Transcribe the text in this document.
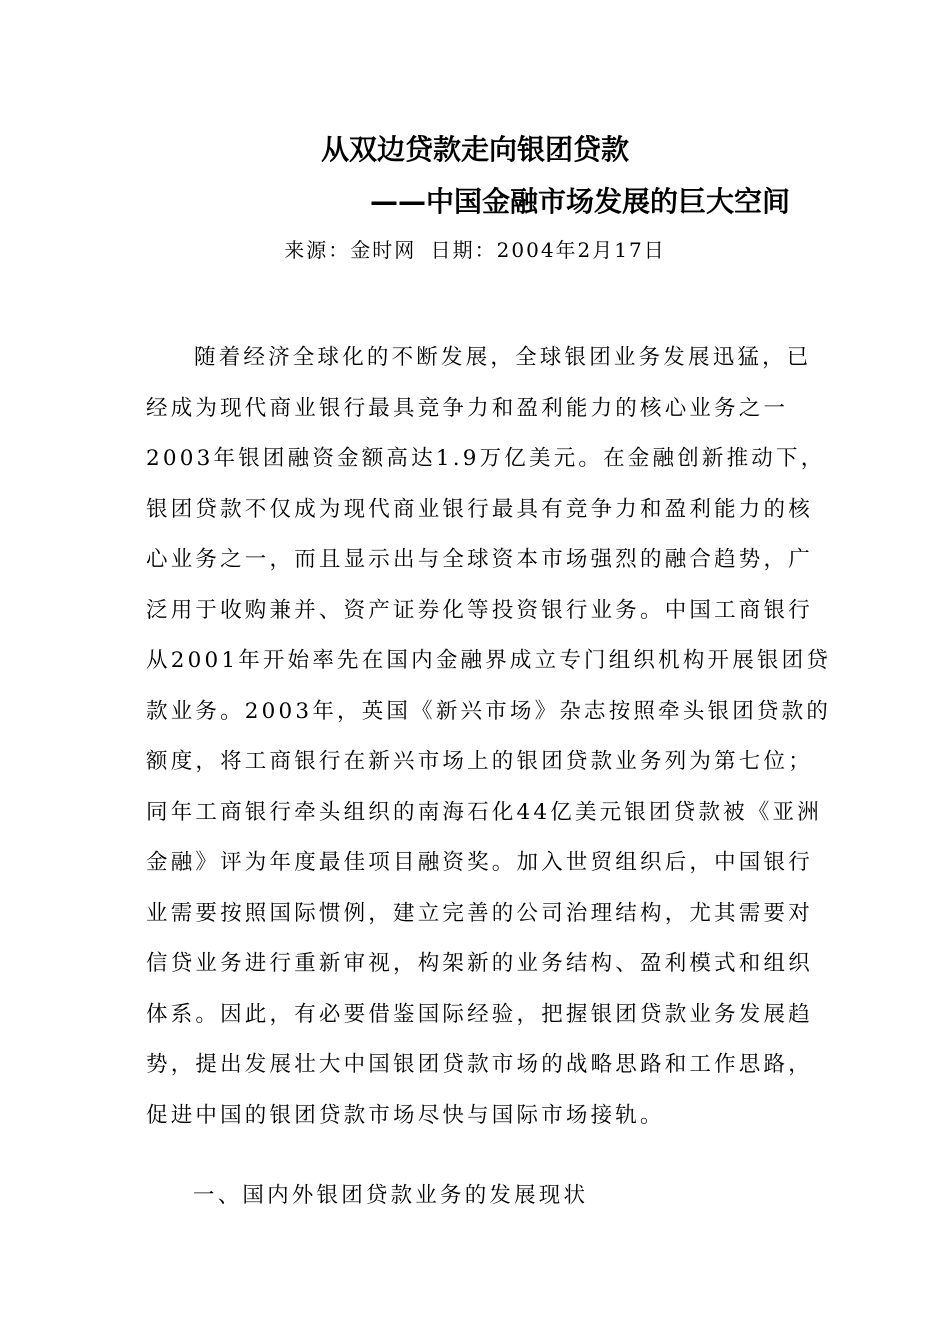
从双边贷款走向银团贷款
——中国金融市场发展的巨大空间
来源：金时网 日期：2004年2月17日
随着经济全球化的不断发展，全球银团业务发展迅猛，已
经成为现代商业银行最具竞争力和盈利能力的核心业务之一
2003年银团融资金额高达1.9万亿美元。在金融创新推动下，
银团贷款不仅成为现代商业银行最具有竞争力和盈利能力的核
心业务之一，而且显示出与全球资本市场强烈的融合趋势，广
泛用于收购兼并、资产证券化等投资银行业务。中国工商银行
从2001年开始率先在国内金融界成立专门组织机构开展银团贷
款业务。2003年，英国《新兴市场》杂志按照牵头银团贷款的
额度，将工商银行在新兴市场上的银团贷款业务列为第七位；
同年工商银行牵头组织的南海石化44亿美元银团贷款被《亚洲
金融》评为年度最佳项目融资奖。加入世贸组织后，中国银行
业需要按照国际惯例，建立完善的公司治理结构，尤其需要对
信贷业务进行重新审视，构架新的业务结构、盈利模式和组织
体系。因此，有必要借鉴国际经验，把握银团贷款业务发展趋
势，提出发展壮大中国银团贷款市场的战略思路和工作思路，
促进中国的银团贷款市场尽快与国际市场接轨。
一、国内外银团贷款业务的发展现状
